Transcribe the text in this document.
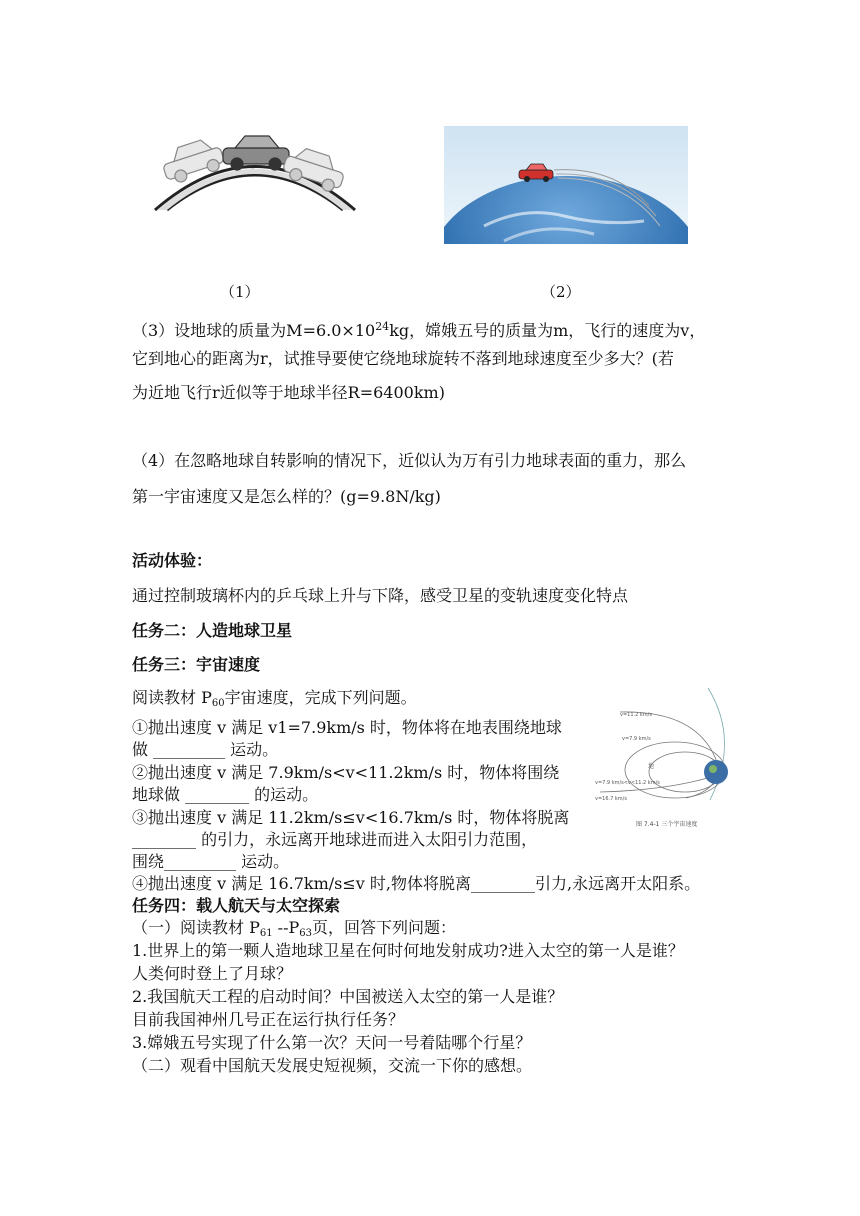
（1）	（2）
（3）设地球的质量为$M=6.0\times 10^{24}kg$，嫦娥五号的质量为m，飞行的速度为v，
它到地心的距离为r，试推导要使它绕地球旋转不落到地球速度至少多大？(若
为近地飞行r近似等于地球半径R=6400km)
（4）在忽略地球自转影响的情况下，近似认为万有引力地球表面的重力，那么
第一宇宙速度又是怎么样的？(g=9.8N/kg)
活动体验：
通过控制玻璃杯内的乒乓球上升与下降，感受卫星的变轨速度变化特点
任务二：人造地球卫星
任务三：宇宙速度
阅读教材 $P_{60}$宇宙速度，完成下列问题。
①抛出速度 v 满足 v1=7.9km/s 时，物体将在地表围绕地球
做 _________ 运动。
②抛出速度 v 满足 7.9km/s<v<11.2km/s 时，物体将围绕
地球做 ________ 的运动。
③抛出速度 v 满足 11.2km/s≤v<16.7km/s 时，物体将脱离
________ 的引力，永远离开地球进而进入太阳引力范围，
围绕_________ 运动。
④抛出速度 v 满足 16.7km/s≤v 时,物体将脱离________引力,永远离开太阳系。
v=11.2 km/s
v=7.9 km/s
v=16.7 km/s
地
v=7.9 km/s<v<11.2 km/s
图 7.4-1 三个宇宙速度
任务四：载人航天与太空探索
（一）阅读教材 $P_{61}$ $--P_{63}$页，回答下列问题：
1.世界上的第一颗人造地球卫星在何时何地发射成功?进入太空的第一人是谁？
人类何时登上了月球？
2.我国航天工程的启动时间？中国被送入太空的第一人是谁？
目前我国神州几号正在运行执行任务？
3.嫦娥五号实现了什么第一次？天问一号着陆哪个行星？
（二）观看中国航天发展史短视频，交流一下你的感想。
